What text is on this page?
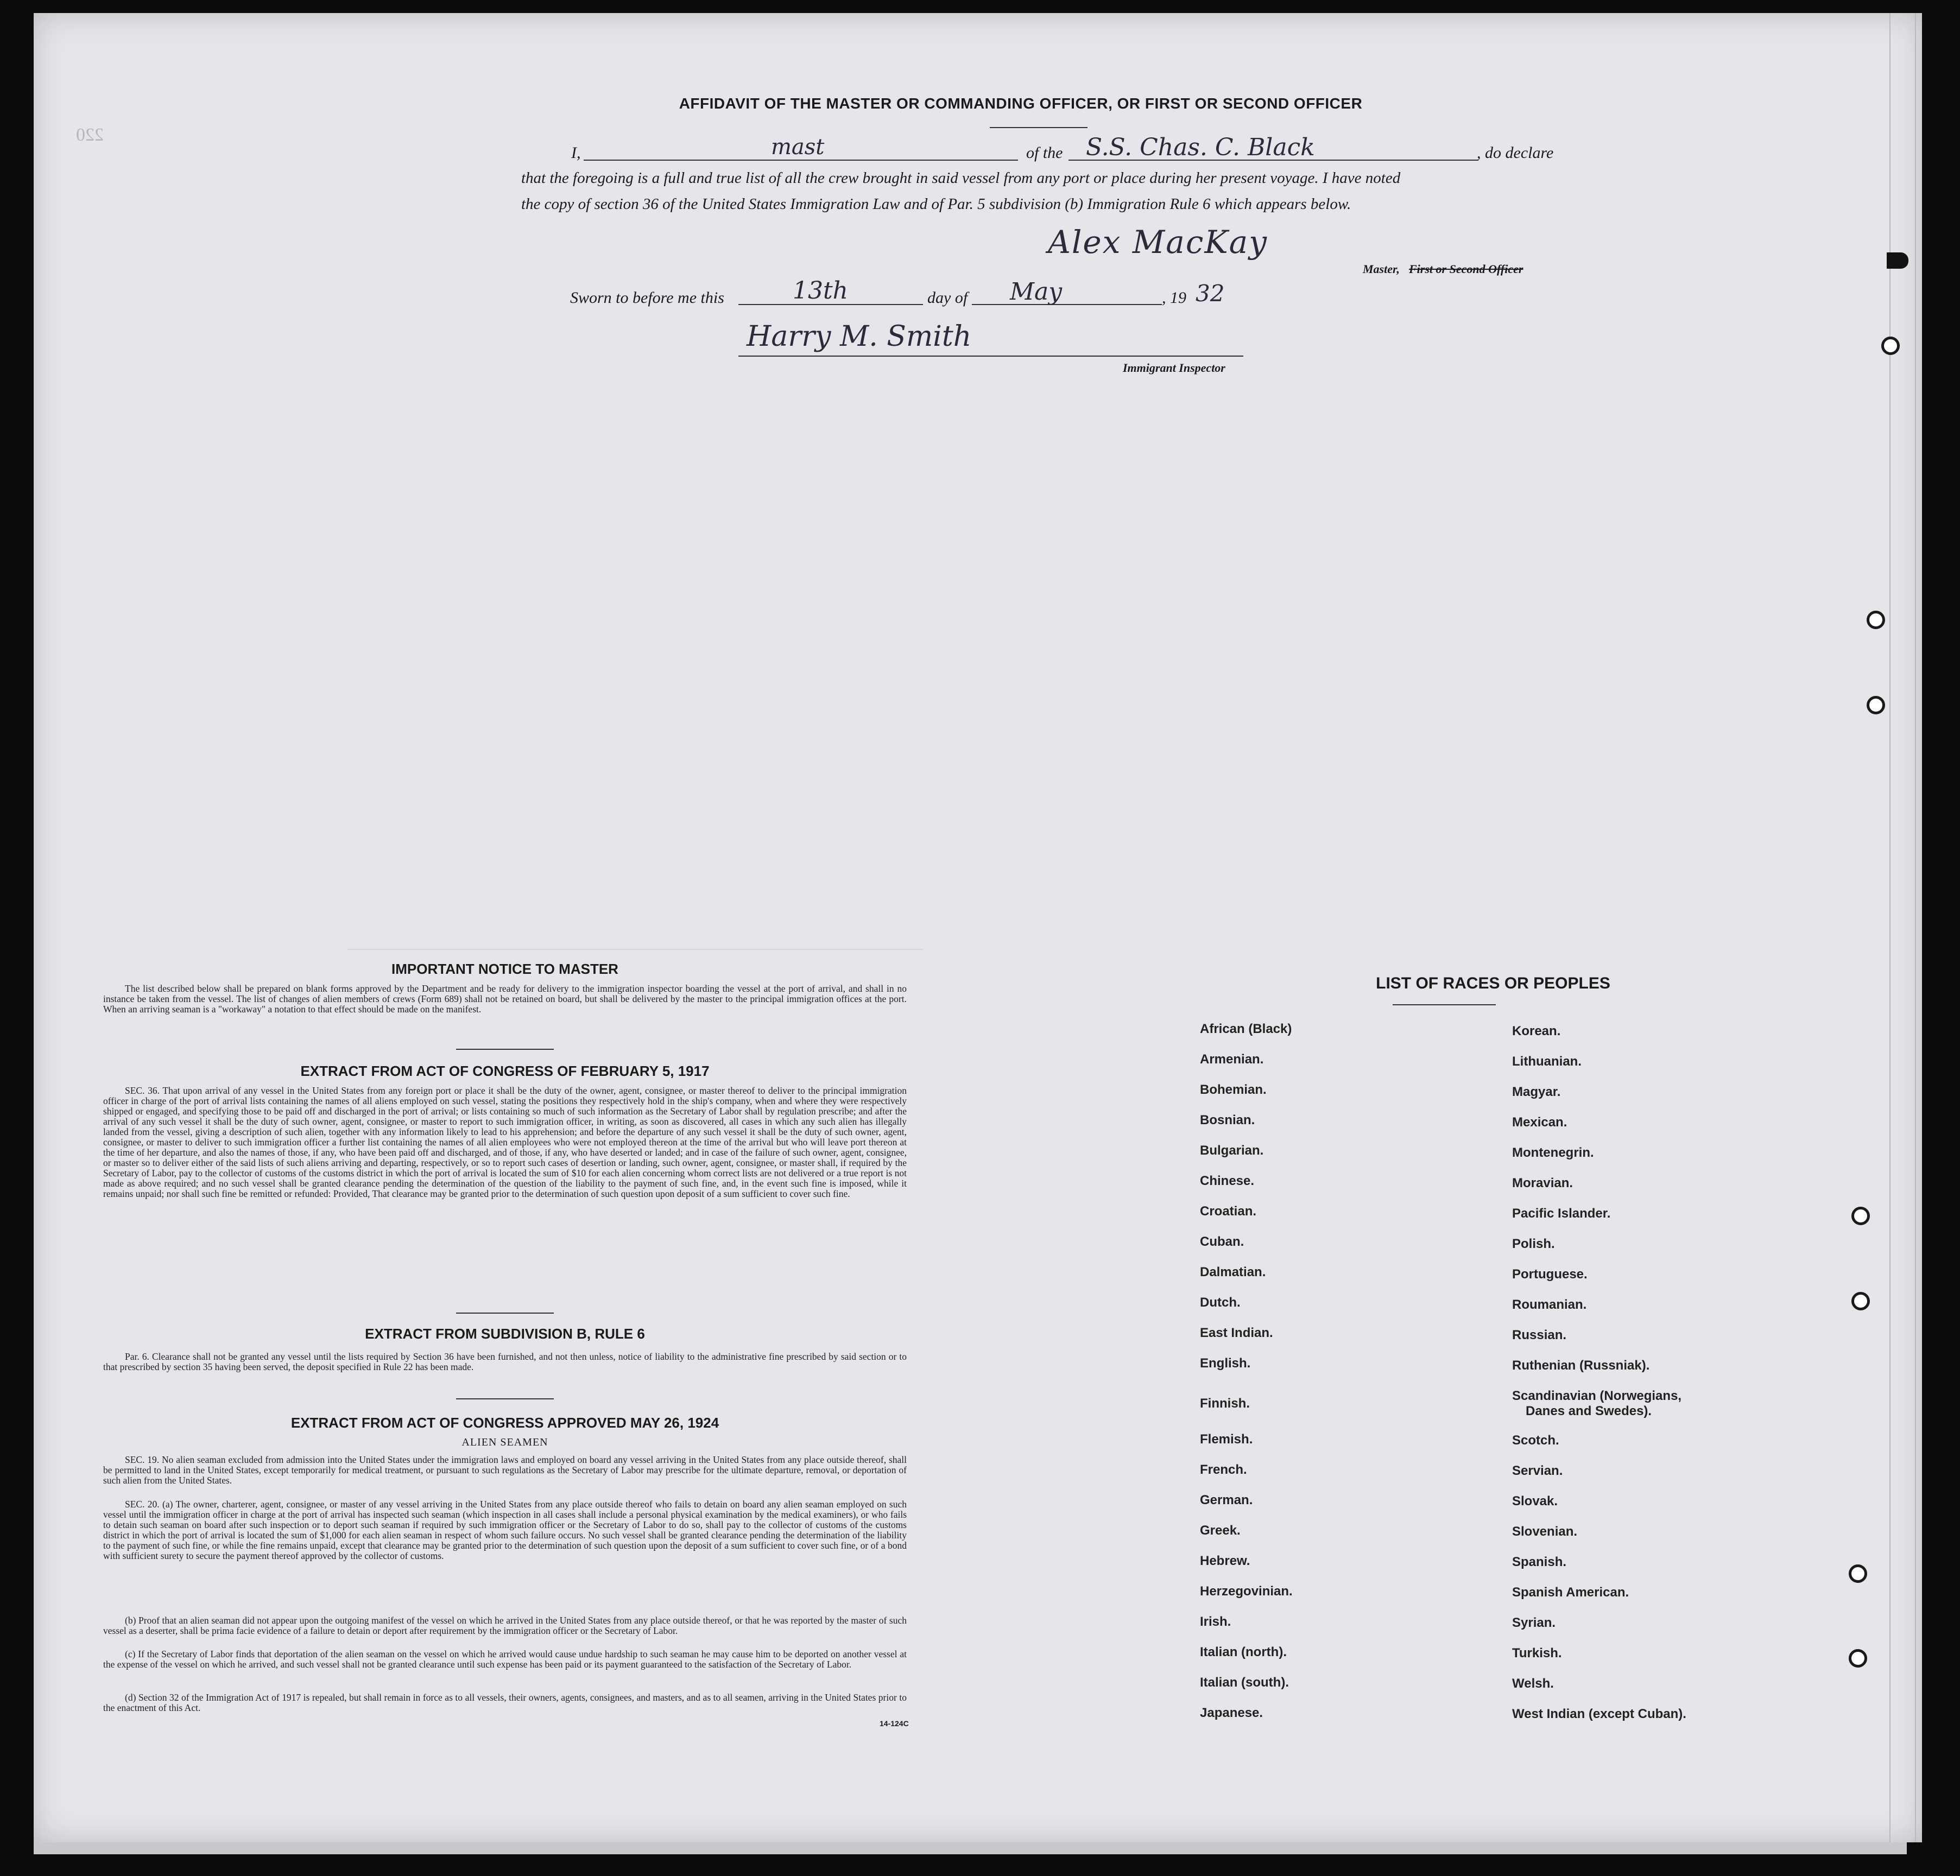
220
AFFIDAVIT OF THE MASTER OR COMMANDING OFFICER, OR FIRST OR SECOND OFFICER
I,	mast	of the S.S. Chas. C. Black	, do declare
that the foregoing is a full and true list of all the crew brought in said vessel from any port or place during her present voyage. I have noted
the copy of section 36 of the United States Immigration Law and of Par. 5 subdivision (b) Immigration Rule 6 which appears below.
Alex MacKay
Master, First or Second Officer
Sworn to before me this	13th	day of May	, 19 32
Harry M. Smith
Immigrant Inspector
IMPORTANT NOTICE TO MASTER
The list described below shall be prepared on blank forms approved by the Department and be ready for delivery to the immigration inspector boarding the vessel at the port of arrival, and shall in no instance be taken from the vessel. The list of changes of alien members of crews (Form 689) shall not be retained on board, but shall be delivered by the master to the principal immigration offices at the port. When an arriving seaman is a "workaway" a notation to that effect should be made on the manifest.
EXTRACT FROM ACT OF CONGRESS OF FEBRUARY 5, 1917
SEC. 36. That upon arrival of any vessel in the United States from any foreign port or place it shall be the duty of the owner, agent, consignee, or master thereof to deliver to the principal immigration officer in charge of the port of arrival lists containing the names of all aliens employed on such vessel, stating the positions they respectively hold in the ship's company, when and where they were respectively shipped or engaged, and specifying those to be paid off and discharged in the port of arrival; or lists containing so much of such information as the Secretary of Labor shall by regulation prescribe; and after the arrival of any such vessel it shall be the duty of such owner, agent, consignee, or master to report to such immigration officer, in writing, as soon as discovered, all cases in which any such alien has illegally landed from the vessel, giving a description of such alien, together with any information likely to lead to his apprehension; and before the departure of any such vessel it shall be the duty of such owner, agent, consignee, or master to deliver to such immigration officer a further list containing the names of all alien employees who were not employed thereon at the time of the arrival but who will leave port thereon at the time of her departure, and also the names of those, if any, who have been paid off and discharged, and of those, if any, who have deserted or landed; and in case of the failure of such owner, agent, consignee, or master so to deliver either of the said lists of such aliens arriving and departing, respectively, or so to report such cases of desertion or landing, such owner, agent, consignee, or master shall, if required by the Secretary of Labor, pay to the collector of customs of the customs district in which the port of arrival is located the sum of $10 for each alien concerning whom correct lists are not delivered or a true report is not made as above required; and no such vessel shall be granted clearance pending the determination of the question of the liability to the payment of such fine, and, in the event such fine is imposed, while it remains unpaid; nor shall such fine be remitted or refunded: Provided, That clearance may be granted prior to the determination of such question upon deposit of a sum sufficient to cover such fine.
EXTRACT FROM SUBDIVISION B, RULE 6
Par. 6. Clearance shall not be granted any vessel until the lists required by Section 36 have been furnished, and not then unless, notice of liability to the administrative fine prescribed by said section or to that prescribed by section 35 having been served, the deposit specified in Rule 22 has been made.
EXTRACT FROM ACT OF CONGRESS APPROVED MAY 26, 1924
ALIEN SEAMEN
SEC. 19. No alien seaman excluded from admission into the United States under the immigration laws and employed on board any vessel arriving in the United States from any place outside thereof, shall be permitted to land in the United States, except temporarily for medical treatment, or pursuant to such regulations as the Secretary of Labor may prescribe for the ultimate departure, removal, or deportation of such alien from the United States.
SEC. 20. (a) The owner, charterer, agent, consignee, or master of any vessel arriving in the United States from any place outside thereof who fails to detain on board any alien seaman employed on such vessel until the immigration officer in charge at the port of arrival has inspected such seaman (which inspection in all cases shall include a personal physical examination by the medical examiners), or who fails to detain such seaman on board after such inspection or to deport such seaman if required by such immigration officer or the Secretary of Labor to do so, shall pay to the collector of customs of the customs district in which the port of arrival is located the sum of $1,000 for each alien seaman in respect of whom such failure occurs. No such vessel shall be granted clearance pending the determination of the liability to the payment of such fine, or while the fine remains unpaid, except that clearance may be granted prior to the determination of such question upon the deposit of a sum sufficient to cover such fine, or of a bond with sufficient surety to secure the payment thereof approved by the collector of customs.
(b) Proof that an alien seaman did not appear upon the outgoing manifest of the vessel on which he arrived in the United States from any place outside thereof, or that he was reported by the master of such vessel as a deserter, shall be prima facie evidence of a failure to detain or deport after requirement by the immigration officer or the Secretary of Labor.
(c) If the Secretary of Labor finds that deportation of the alien seaman on the vessel on which he arrived would cause undue hardship to such seaman he may cause him to be deported on another vessel at the expense of the vessel on which he arrived, and such vessel shall not be granted clearance until such expense has been paid or its payment guaranteed to the satisfaction of the Secretary of Labor.
(d) Section 32 of the Immigration Act of 1917 is repealed, but shall remain in force as to all vessels, their owners, agents, consignees, and masters, and as to all seamen, arriving in the United States prior to the enactment of this Act.
14-124C
LIST OF RACES OR PEOPLES
African (Black)
Armenian.
Bohemian.
Bosnian.
Bulgarian.
Chinese.
Croatian.
Cuban.
Dalmatian.
Dutch.
East Indian.
English.
Finnish.
Flemish.
French.
German.
Greek.
Hebrew.
Herzegovinian.
Irish.
Italian (north).
Italian (south).
Japanese.
Korean.
Lithuanian.
Magyar.
Mexican.
Montenegrin.
Moravian.
Pacific Islander.
Polish.
Portuguese.
Roumanian.
Russian.
Ruthenian (Russniak).
Scandinavian (Norwegians,
Danes and Swedes).
Scotch.
Servian.
Slovak.
Slovenian.
Spanish.
Spanish American.
Syrian.
Turkish.
Welsh.
West Indian (except Cuban).
